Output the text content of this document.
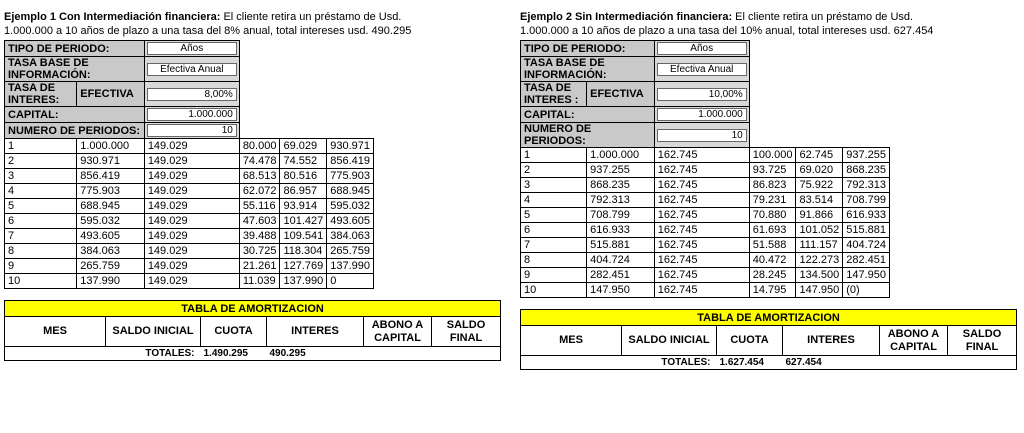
Ejemplo 1 Con Intermediación financiera: El cliente retira un préstamo de Usd.
1.000.000 a 10 años de plazo a una tasa del 8% anual, total intereses usd. 490.295
TIPO DE PERIODO:		Años			

TASA BASE DE INFORMACIÓN:		Efectiva Anual			

TASA DE INTERES:	EFECTIVA	8,00%			

CAPITAL:		1.000.000			

NUMERO DE PERIODOS:		10			

1	1.000.000	149.029	80.000	69.029	930.971
2	930.971	149.029	74.478	74.552	856.419
3	856.419	149.029	68.513	80.516	775.903
4	775.903	149.029	62.072	86.957	688.945
5	688.945	149.029	55.116	93.914	595.032
6	595.032	149.029	47.603	101.427	493.605
7	493.605	149.029	39.488	109.541	384.063
8	384.063	149.029	30.725	118.304	265.759
9	265.759	149.029	21.261	127.769	137.990
10	137.990	149.029	11.039	137.990	0
TABLA DE AMORTIZACION					
MES	SALDO INICIAL	CUOTA	INTERES	ABONO A CAPITAL	SALDO FINAL
TOTALES:		1.490.295	490.295		
Ejemplo 2 Sin Intermediación financiera: El cliente retira un préstamo de Usd.
1.000.000 a 10 años de plazo a una tasa del 10% anual, total intereses usd. 627.454
TIPO DE PERIODO:		Años			

TASA BASE DE INFORMACIÓN:		Efectiva Anual			

TASA DE INTERES :	EFECTIVA	10,00%			

CAPITAL:		1.000.000			

NUMERO DE PERIODOS:		10			

1	1.000.000	162.745	100.000	62.745	937.255
2	937.255	162.745	93.725	69.020	868.235
3	868.235	162.745	86.823	75.922	792.313
4	792.313	162.745	79.231	83.514	708.799
5	708.799	162.745	70.880	91.866	616.933
6	616.933	162.745	61.693	101.052	515.881
7	515.881	162.745	51.588	111.157	404.724
8	404.724	162.745	40.472	122.273	282.451
9	282.451	162.745	28.245	134.500	147.950
10	147.950	162.745	14.795	147.950	(0)
TABLA DE AMORTIZACION					
MES	SALDO INICIAL	CUOTA	INTERES	ABONO A CAPITAL	SALDO FINAL
TOTALES:		1.627.454	627.454		
